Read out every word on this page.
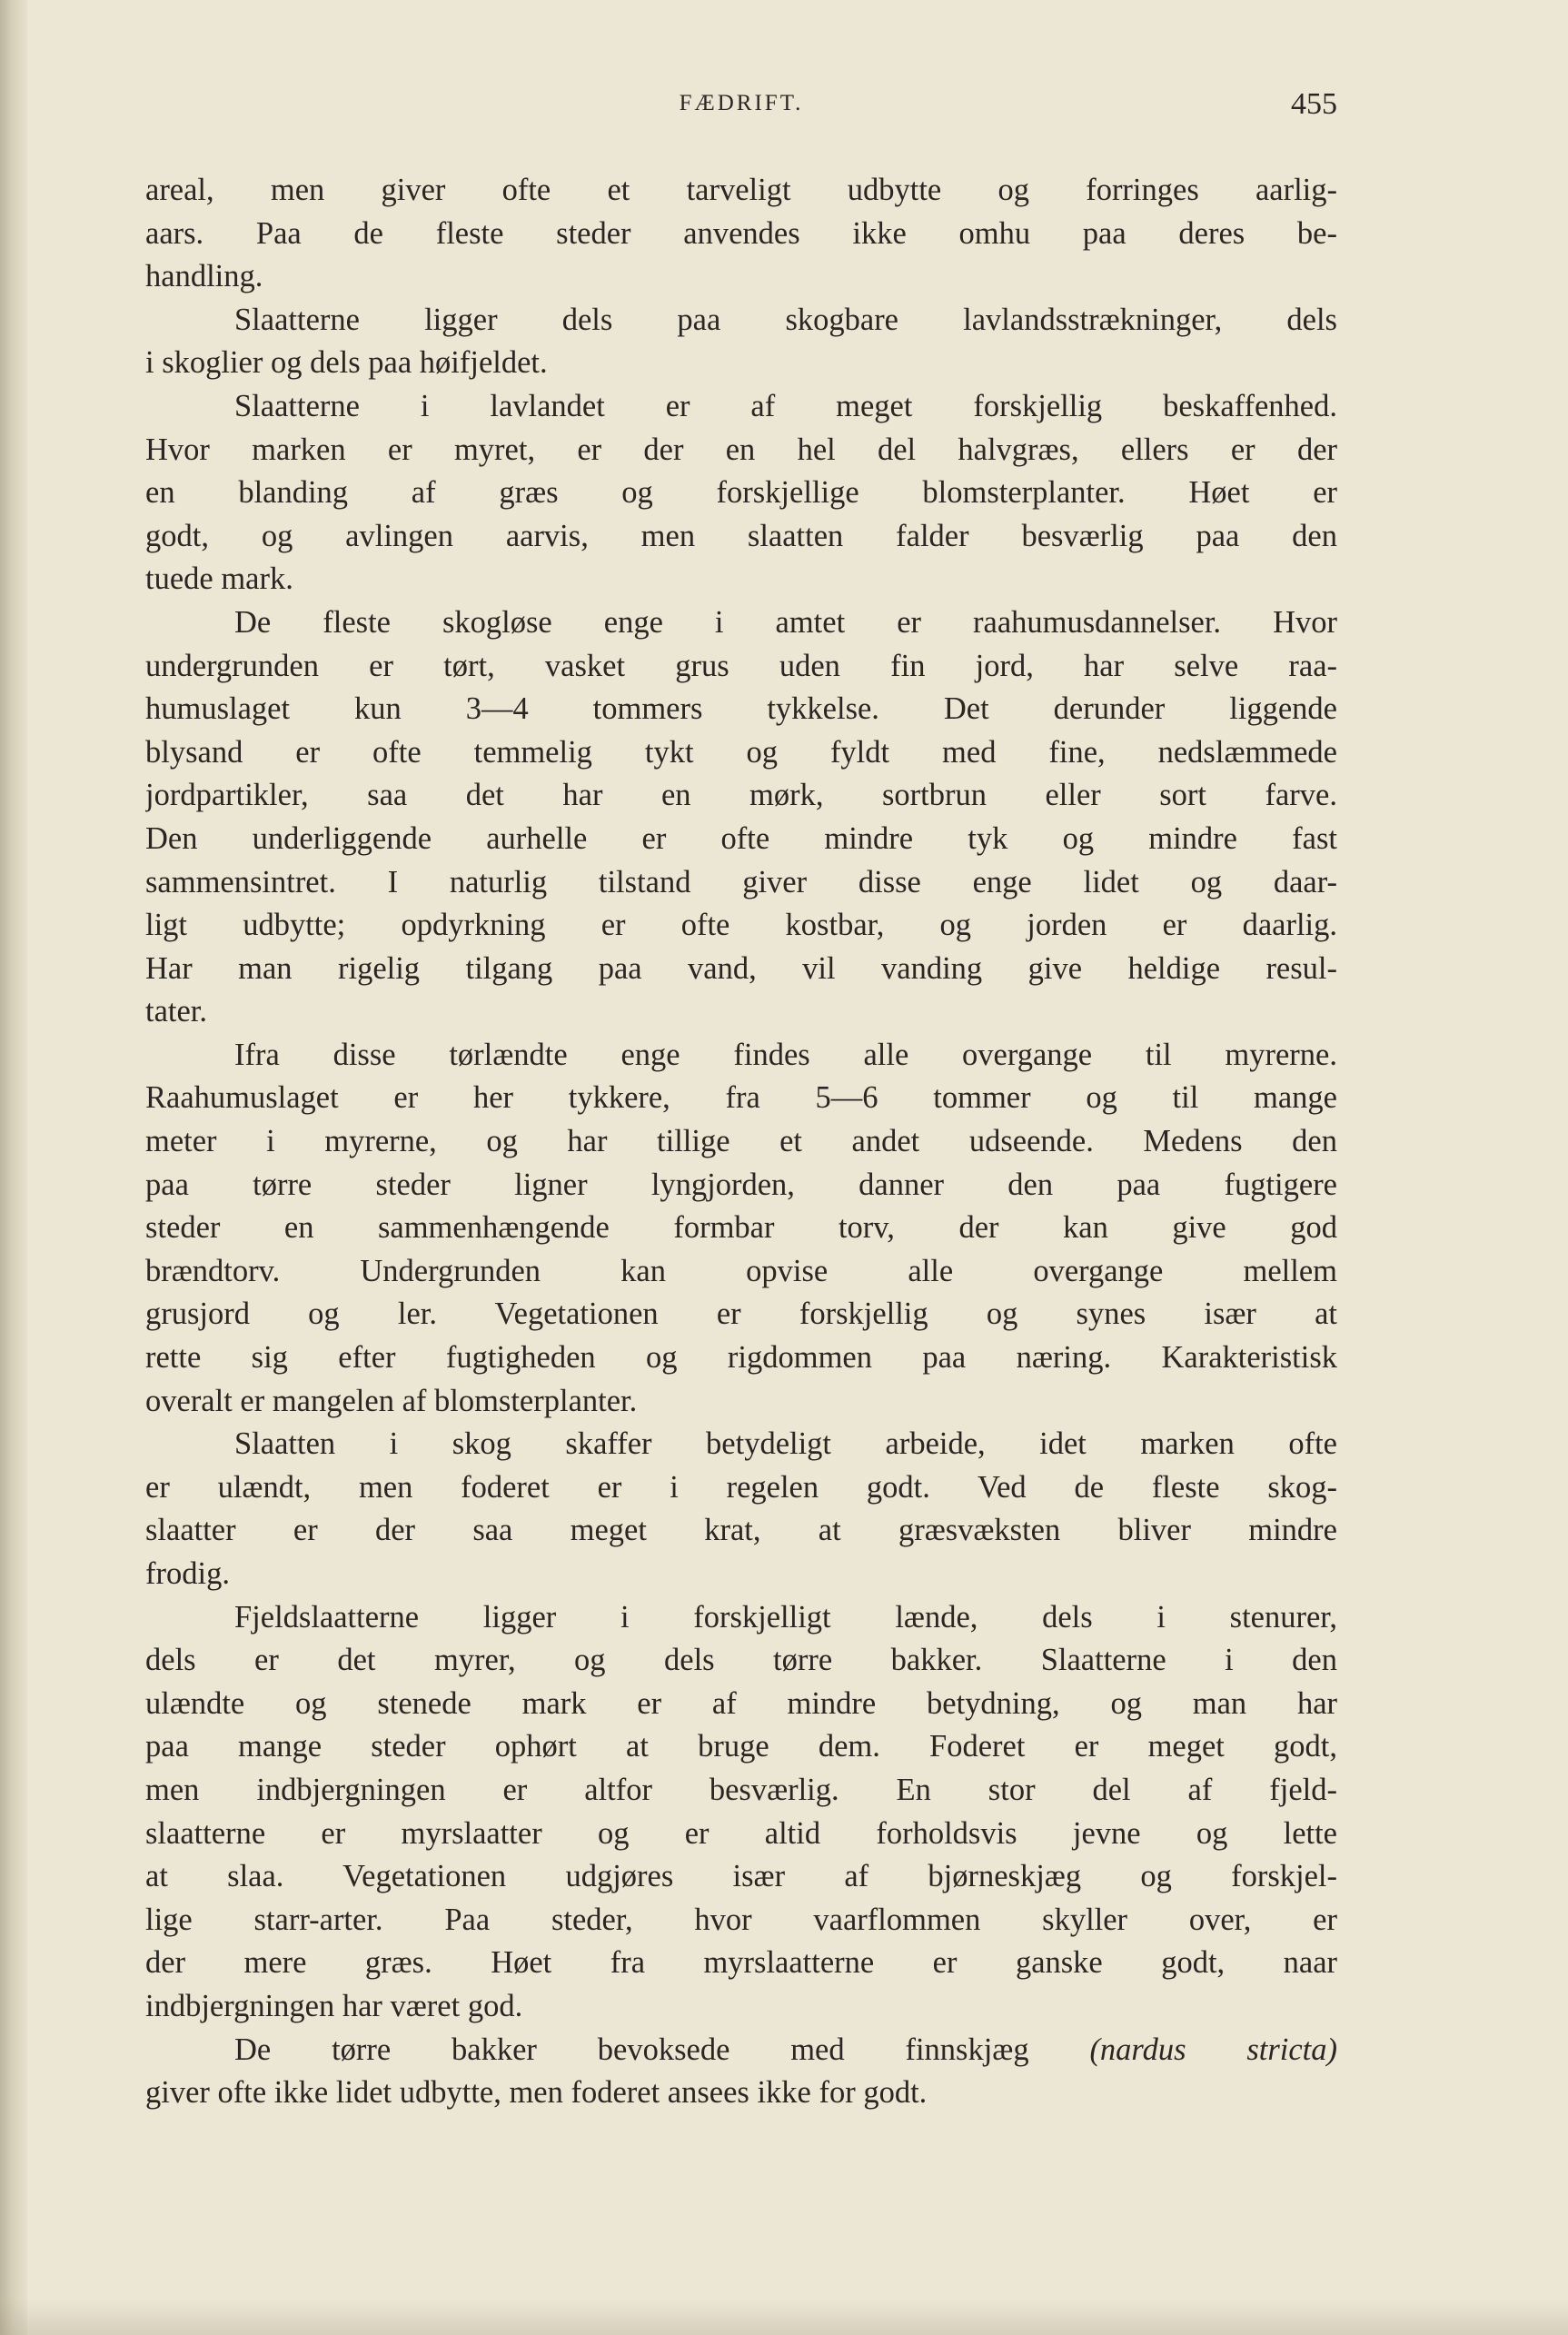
FÆDRIFT.	455
areal, men giver ofte et tarveligt udbytte og forringes aarlig-
aars. Paa de fleste steder anvendes ikke omhu paa deres be-
handling.
Slaatterne ligger dels paa skogbare lavlandsstrækninger, dels
i skoglier og dels paa høifjeldet.
Slaatterne i lavlandet er af meget forskjellig beskaffenhed.
Hvor marken er myret, er der en hel del halvgræs, ellers er der
en blanding af græs og forskjellige blomsterplanter. Høet er
godt, og avlingen aarvis, men slaatten falder besværlig paa den
tuede mark.
De fleste skogløse enge i amtet er raahumusdannelser. Hvor
undergrunden er tørt, vasket grus uden fin jord, har selve raa-
humuslaget kun 3—4 tommers tykkelse. Det derunder liggende
blysand er ofte temmelig tykt og fyldt med fine, nedslæmmede
jordpartikler, saa det har en mørk, sortbrun eller sort farve.
Den underliggende aurhelle er ofte mindre tyk og mindre fast
sammensintret. I naturlig tilstand giver disse enge lidet og daar-
ligt udbytte; opdyrkning er ofte kostbar, og jorden er daarlig.
Har man rigelig tilgang paa vand, vil vanding give heldige resul-
tater.
Ifra disse tørlændte enge findes alle overgange til myrerne.
Raahumuslaget er her tykkere, fra 5—6 tommer og til mange
meter i myrerne, og har tillige et andet udseende. Medens den
paa tørre steder ligner lyngjorden, danner den paa fugtigere
steder en sammenhængende formbar torv, der kan give god
brændtorv. Undergrunden kan opvise alle overgange mellem
grusjord og ler. Vegetationen er forskjellig og synes især at
rette sig efter fugtigheden og rigdommen paa næring. Karakteristisk
overalt er mangelen af blomsterplanter.
Slaatten i skog skaffer betydeligt arbeide, idet marken ofte
er ulændt, men foderet er i regelen godt. Ved de fleste skog-
slaatter er der saa meget krat, at græsvæksten bliver mindre
frodig.
Fjeldslaatterne ligger i forskjelligt lænde, dels i stenurer,
dels er det myrer, og dels tørre bakker. Slaatterne i den
ulændte og stenede mark er af mindre betydning, og man har
paa mange steder ophørt at bruge dem. Foderet er meget godt,
men indbjergningen er altfor besværlig. En stor del af fjeld-
slaatterne er myrslaatter og er altid forholdsvis jevne og lette
at slaa. Vegetationen udgjøres især af bjørneskjæg og forskjel-
lige starr-arter. Paa steder, hvor vaarflommen skyller over, er
der mere græs. Høet fra myrslaatterne er ganske godt, naar
indbjergningen har været god.
De tørre bakker bevoksede med finnskjæg (nardus stricta)
giver ofte ikke lidet udbytte, men foderet ansees ikke for godt.
